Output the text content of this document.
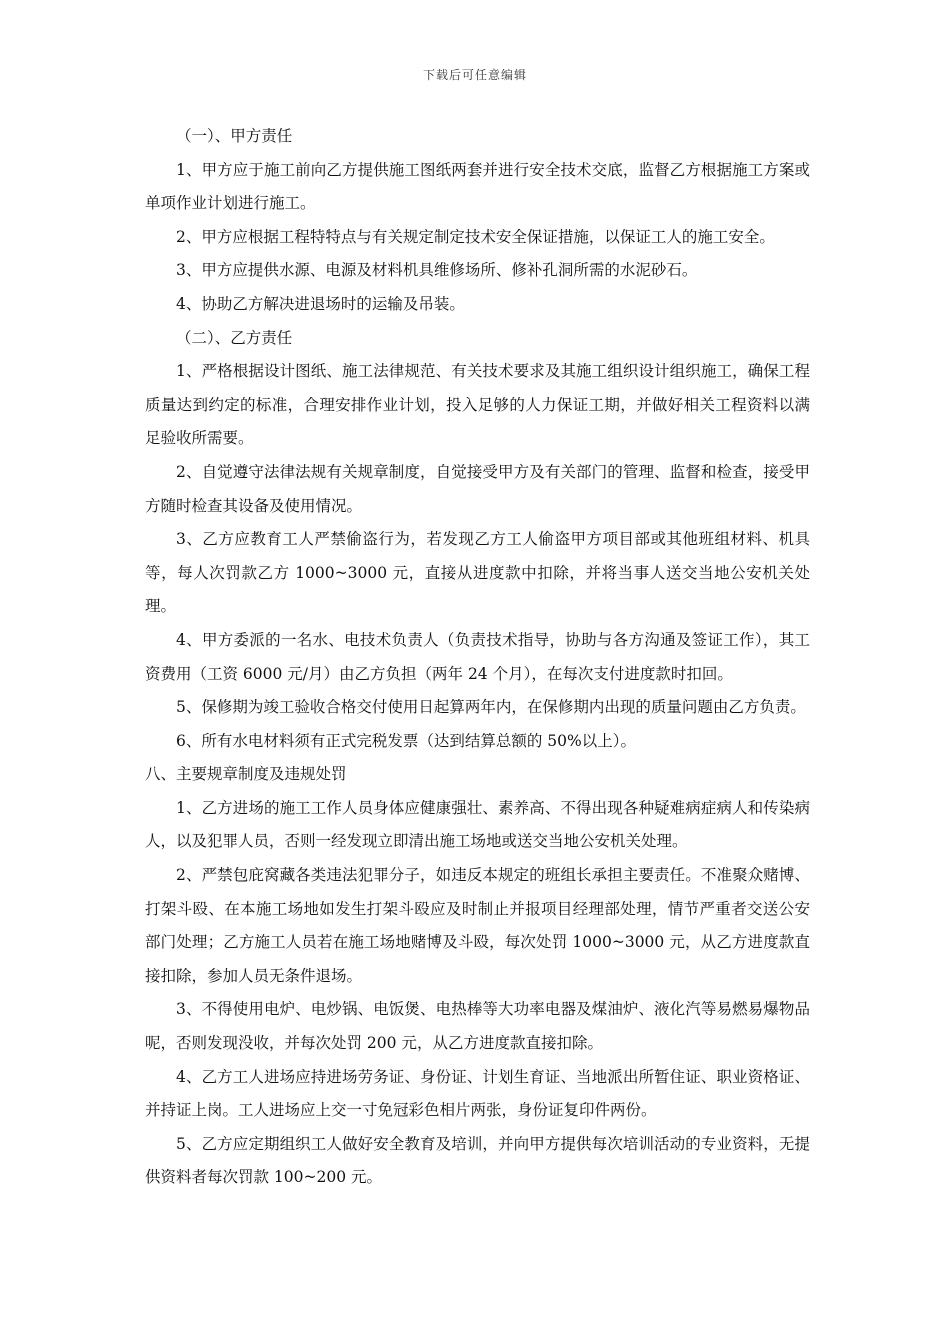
下载后可任意编辑

（一）、甲方责任

1、甲方应于施工前向乙方提供施工图纸两套并进行安全技术交底，监督乙方根据施工方案或单项作业计划进行施工。

2、甲方应根据工程特特点与有关规定制定技术安全保证措施，以保证工人的施工安全。

3、甲方应提供水源、电源及材料机具维修场所、修补孔洞所需的水泥砂石。

4、协助乙方解决进退场时的运输及吊装。

（二）、乙方责任

1、严格根据设计图纸、施工法律规范、有关技术要求及其施工组织设计组织施工，确保工程质量达到约定的标准，合理安排作业计划，投入足够的人力保证工期，并做好相关工程资料以满足验收所需要。

2、自觉遵守法律法规有关规章制度，自觉接受甲方及有关部门的管理、监督和检查，接受甲方随时检查其设备及使用情况。

3、乙方应教育工人严禁偷盗行为，若发现乙方工人偷盗甲方项目部或其他班组材料、机具等，每人次罚款乙方 1000~3000 元，直接从进度款中扣除，并将当事人送交当地公安机关处理。

4、甲方委派的一名水、电技术负责人（负责技术指导，协助与各方沟通及签证工作），其工资费用（工资 6000 元/月）由乙方负担（两年 24 个月），在每次支付进度款时扣回。

5、保修期为竣工验收合格交付使用日起算两年内，在保修期内出现的质量问题由乙方负责。

6、所有水电材料须有正式完税发票（达到结算总额的 50%以上）。

八、主要规章制度及违规处罚

1、乙方进场的施工工作人员身体应健康强壮、素养高、不得出现各种疑难病症病人和传染病人，以及犯罪人员，否则一经发现立即清出施工场地或送交当地公安机关处理。

2、严禁包庇窝藏各类违法犯罪分子，如违反本规定的班组长承担主要责任。不准聚众赌博、打架斗殴、在本施工场地如发生打架斗殴应及时制止并报项目经理部处理，情节严重者交送公安部门处理；乙方施工人员若在施工场地赌博及斗殴，每次处罚 1000~3000 元，从乙方进度款直接扣除，参加人员无条件退场。

3、不得使用电炉、电炒锅、电饭煲、电热棒等大功率电器及煤油炉、液化汽等易燃易爆物品呢，否则发现没收，并每次处罚 200 元，从乙方进度款直接扣除。

4、乙方工人进场应持进场劳务证、身份证、计划生育证、当地派出所暂住证、职业资格证、并持证上岗。工人进场应上交一寸免冠彩色相片两张，身份证复印件两份。

5、乙方应定期组织工人做好安全教育及培训，并向甲方提供每次培训活动的专业资料，无提供资料者每次罚款 100~200 元。
